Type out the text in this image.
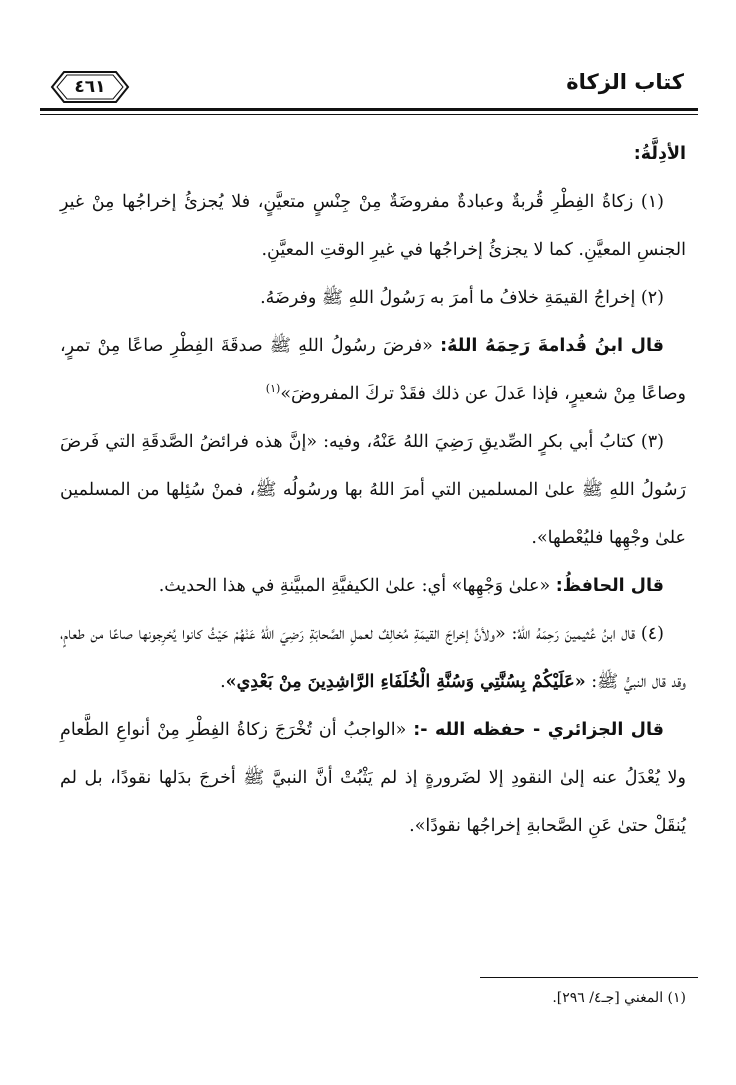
كتاب الزكاة
٤٦١

الأدِلَّةُ:

(١) زكاةُ الفِطْرِ قُربةٌ وعبادةٌ مفروضَةٌ مِنْ جِنْسٍ متعيَّنٍ، فلا يُجزئُ إخراجُها مِنْ غيرِ الجنسِ المعيَّنِ. كما لا يجزئُ إخراجُها في غيرِ الوقتِ المعيَّنِ.

(٢) إخراجُ القيمَةِ خلافُ ما أمرَ به رَسُولُ اللهِ ﷺ وفرضَهُ.

قال ابنُ قُدامةَ رَحِمَهُ اللهُ: «فرضَ رسُولُ اللهِ ﷺ صدقَةَ الفِطْرِ صاعًا مِنْ تمرٍ، وصاعًا مِنْ شعيرٍ، فإذا عَدلَ عن ذلك فقَدْ تركَ المفروضَ»$^{(١)}$

(٣) كتابُ أبي بكرٍ الصِّديقِ رَضِيَ اللهُ عَنْهُ، وفيه: «إنَّ هذه فرائضُ الصَّدقَةِ التي فَرضَ رَسُولُ اللهِ ﷺ علىٰ المسلمين التي أمرَ اللهُ بها ورسُولُه ﷺ، فمنْ سُئِلها من المسلمين علىٰ وجْهِها فليُعْطها».

قال الحافظُ: «علىٰ وَجْهِها» أي: علىٰ الكيفيَّةِ المبيَّنةِ في هذا الحديث.

(٤) قال ابنُ عُثيمينَ رَحِمَهُ اللهُ: «ولأنَّ إخراجَ القيمَةِ مُخالِفٌ لعملِ الصَّحابَةِ رَضِيَ اللهُ عَنْهُمْ حَيْثُ كانوا يُخرِجونها صاعًا من طعامٍ، وقد قال النبيُّ ﷺ: «عَلَيْكُمْ بِسُنَّتِي وَسُنَّةِ الْخُلَفَاءِ الرَّاشِدِينَ مِنْ بَعْدِي».

قال الجزائري - حفظه الله -: «الواجبُ أن تُخْرَجَ زكاةُ الفِطْرِ مِنْ أنواعِ الطَّعامِ ولا يُعْدَلُ عنه إلىٰ النقودِ إلا لضَرورةٍ إذ لم يَثْبُتْ أنَّ النبيَّ ﷺ أخرجَ بدَلها نقودًا، بل لم يُنقَلْ حتىٰ عَنِ الصَّحابةِ إخراجُها نقودًا».

(١) المغني [جـ٤/ ٢٩٦].
